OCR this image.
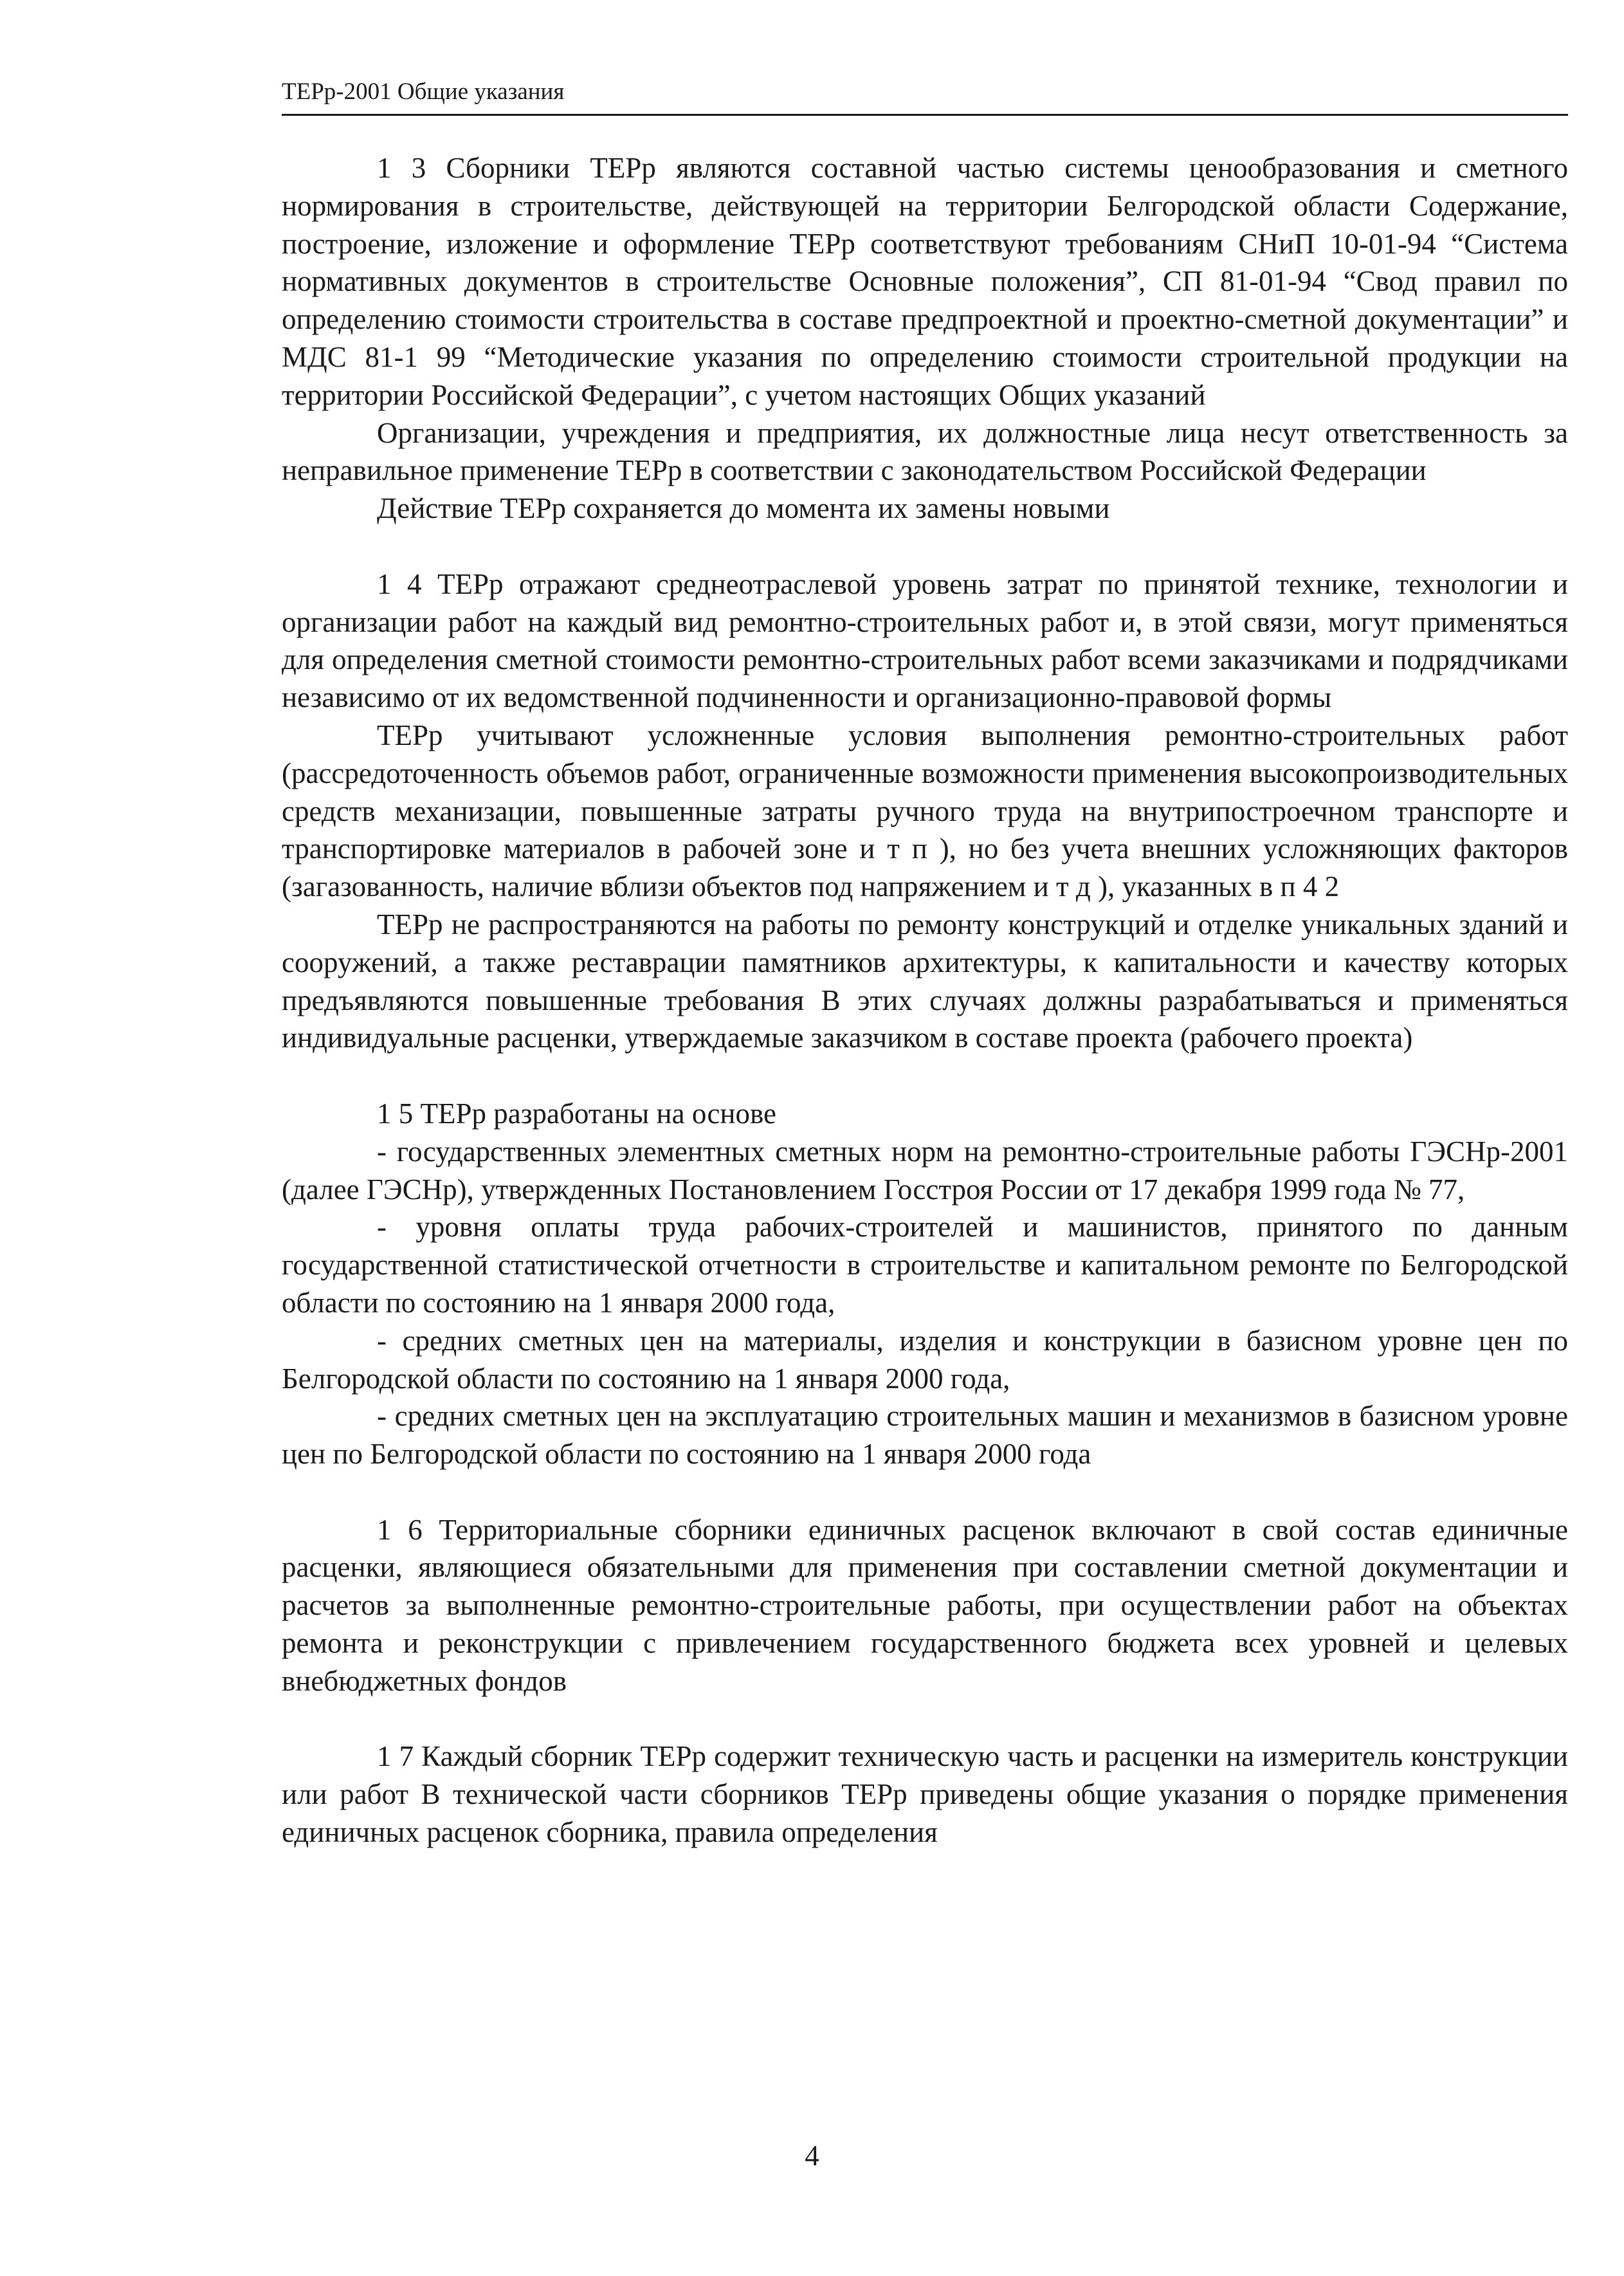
ТЕРр-2001 Общие указания

1 3 Сборники ТЕРр являются составной частью системы ценообразования и сметного нормирования в строительстве, действующей на территории Белгородской области Содержание, построение, изложение и оформление ТЕРр соответствуют требованиям СНиП 10-01-94 “Система нормативных документов в строительстве Основные положения”, СП 81-01-94 “Свод правил по определению стоимости строительства в составе предпроектной и проектно-сметной документации” и МДС 81-1 99 “Методические указания по определению стоимости строительной продукции на территории Российской Федерации”, с учетом настоящих Общих указаний

Организации, учреждения и предприятия, их должностные лица несут ответственность за неправильное применение ТЕРр в соответствии с законодательством Российской Федерации

Действие ТЕРр сохраняется до момента их замены новыми

1 4 ТЕРр отражают среднеотраслевой уровень затрат по принятой технике, технологии и организации работ на каждый вид ремонтно-строительных работ и, в этой связи, могут применяться для определения сметной стоимости ремонтно-строительных работ всеми заказчиками и подрядчиками независимо от их ведомственной подчиненности и организационно-правовой формы

ТЕРр учитывают усложненные условия выполнения ремонтно-строительных работ (рассредоточенность объемов работ, ограниченные возможности применения высокопроизводительных средств механизации, повышенные затраты ручного труда на внутрипостроечном транспорте и транспортировке материалов в рабочей зоне и т п ), но без учета внешних усложняющих факторов (загазованность, наличие вблизи объектов под напряжением и т д ), указанных в п 4 2

ТЕРр не распространяются на работы по ремонту конструкций и отделке уникальных зданий и сооружений, а также реставрации памятников архитектуры, к капитальности и качеству которых предъявляются повышенные требования В этих случаях должны разрабатываться и применяться индивидуальные расценки, утверждаемые заказчиком в составе проекта (рабочего проекта)

1 5 ТЕРр разработаны на основе

- государственных элементных сметных норм на ремонтно-строительные работы ГЭСНр-2001 (далее ГЭСНр), утвержденных Постановлением Госстроя России от 17 декабря 1999 года № 77,

- уровня оплаты труда рабочих-строителей и машинистов, принятого по данным государственной статистической отчетности в строительстве и капитальном ремонте по Белгородской области по состоянию на 1 января 2000 года,

- средних сметных цен на материалы, изделия и конструкции в базисном уровне цен по Белгородской области по состоянию на 1 января 2000 года,

- средних сметных цен на эксплуатацию строительных машин и механизмов в базисном уровне цен по Белгородской области по состоянию на 1 января 2000 года

1 6 Территориальные сборники единичных расценок включают в свой состав единичные расценки, являющиеся обязательными для применения при составлении сметной документации и расчетов за выполненные ремонтно-строительные работы, при осуществлении работ на объектах ремонта и реконструкции с привлечением государственного бюджета всех уровней и целевых внебюджетных фондов

1 7 Каждый сборник ТЕРр содержит техническую часть и расценки на измеритель конструкции или работ В технической части сборников ТЕРр приведены общие указания о порядке применения единичных расценок сборника, правила определения

4
